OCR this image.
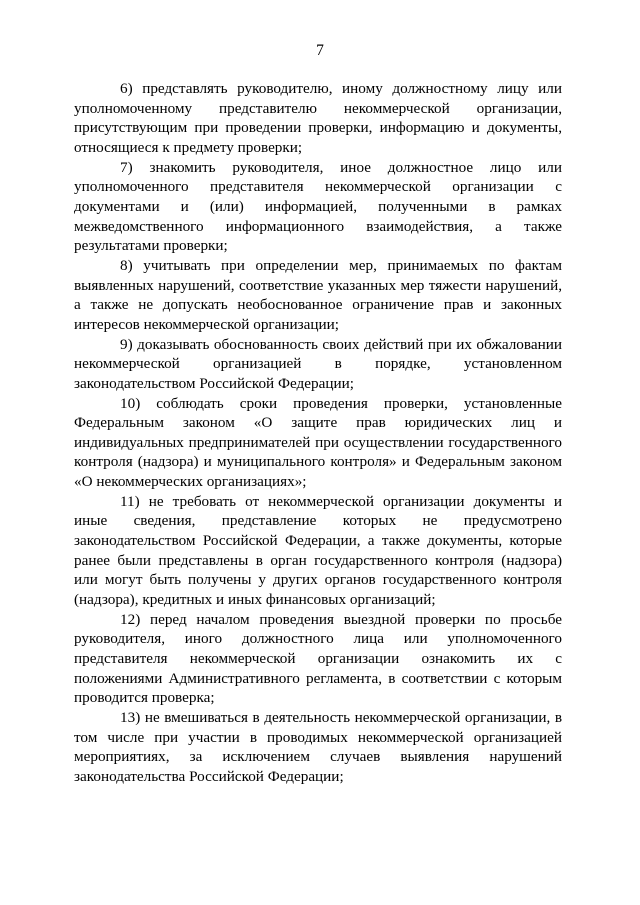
7

6) представлять руководителю, иному должностному лицу или уполномоченному представителю некоммерческой организации, присутствующим при проведении проверки, информацию и документы, относящиеся к предмету проверки;

7) знакомить руководителя, иное должностное лицо или уполномоченного представителя некоммерческой организации с документами и (или) информацией, полученными в рамках межведомственного информационного взаимодействия, а также результатами проверки;

8) учитывать при определении мер, принимаемых по фактам выявленных нарушений, соответствие указанных мер тяжести нарушений, а также не допускать необоснованное ограничение прав и законных интересов некоммерческой организации;

9) доказывать обоснованность своих действий при их обжаловании некоммерческой организацией в порядке, установленном законодательством Российской Федерации;

10) соблюдать сроки проведения проверки, установленные Федеральным законом «О защите прав юридических лиц и индивидуальных предпринимателей при осуществлении государственного контроля (надзора) и муниципального контроля» и Федеральным законом «О некоммерческих организациях»;

11) не требовать от некоммерческой организации документы и иные сведения, представление которых не предусмотрено законодательством Российской Федерации, а также документы, которые ранее были представлены в орган государственного контроля (надзора) или могут быть получены у других органов государственного контроля (надзора), кредитных и иных финансовых организаций;

12) перед началом проведения выездной проверки по просьбе руководителя, иного должностного лица или уполномоченного представителя некоммерческой организации ознакомить их с положениями Административного регламента, в соответствии с которым проводится проверка;

13) не вмешиваться в деятельность некоммерческой организации, в том числе при участии в проводимых некоммерческой организацией мероприятиях, за исключением случаев выявления нарушений законодательства Российской Федерации;
